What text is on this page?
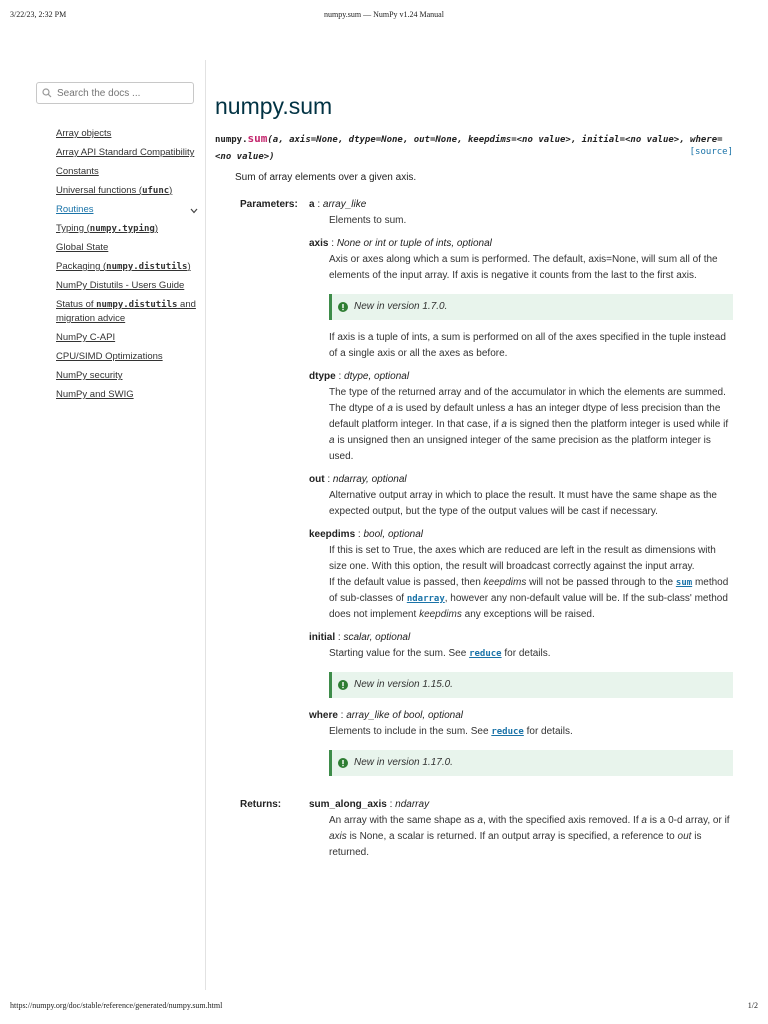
3/22/23, 2:32 PM	numpy.sum — NumPy v1.24 Manual
Search the docs ...
Array objects
Array API Standard Compatibility
Constants
Universal functions (ufunc)
Routines
Typing (numpy.typing)
Global State
Packaging (numpy.distutils)
NumPy Distutils - Users Guide
Status of numpy.distutils and migration advice
NumPy C-API
CPU/SIMD Optimizations
NumPy security
NumPy and SWIG
numpy.sum
numpy.sum(a, axis=None, dtype=None, out=None, keepdims=<no value>, initial=<no value>, where=<no value>)	[source]
Sum of array elements over a given axis.
Parameters:	a : array_like
Elements to sum.
axis : None or int or tuple of ints, optional
Axis or axes along which a sum is performed. The default, axis=None, will sum all of the elements of the input array. If axis is negative it counts from the last to the first axis.
New in version 1.7.0.
If axis is a tuple of ints, a sum is performed on all of the axes specified in the tuple instead of a single axis or all the axes as before.
dtype : dtype, optional
The type of the returned array and of the accumulator in which the elements are summed. The dtype of a is used by default unless a has an integer dtype of less precision than the default platform integer. In that case, if a is signed then the platform integer is used while if a is unsigned then an unsigned integer of the same precision as the platform integer is used.
out : ndarray, optional
Alternative output array in which to place the result. It must have the same shape as the expected output, but the type of the output values will be cast if necessary.
keepdims : bool, optional
If this is set to True, the axes which are reduced are left in the result as dimensions with size one. With this option, the result will broadcast correctly against the input array.
If the default value is passed, then keepdims will not be passed through to the sum method of sub-classes of ndarray, however any non-default value will be. If the sub-class' method does not implement keepdims any exceptions will be raised.
initial : scalar, optional
Starting value for the sum. See reduce for details.
New in version 1.15.0.
where : array_like of bool, optional
Elements to include in the sum. See reduce for details.
New in version 1.17.0.
Returns:	sum_along_axis : ndarray
An array with the same shape as a, with the specified axis removed. If a is a 0-d array, or if axis is None, a scalar is returned. If an output array is specified, a reference to out is returned.
https://numpy.org/doc/stable/reference/generated/numpy.sum.html	1/2
